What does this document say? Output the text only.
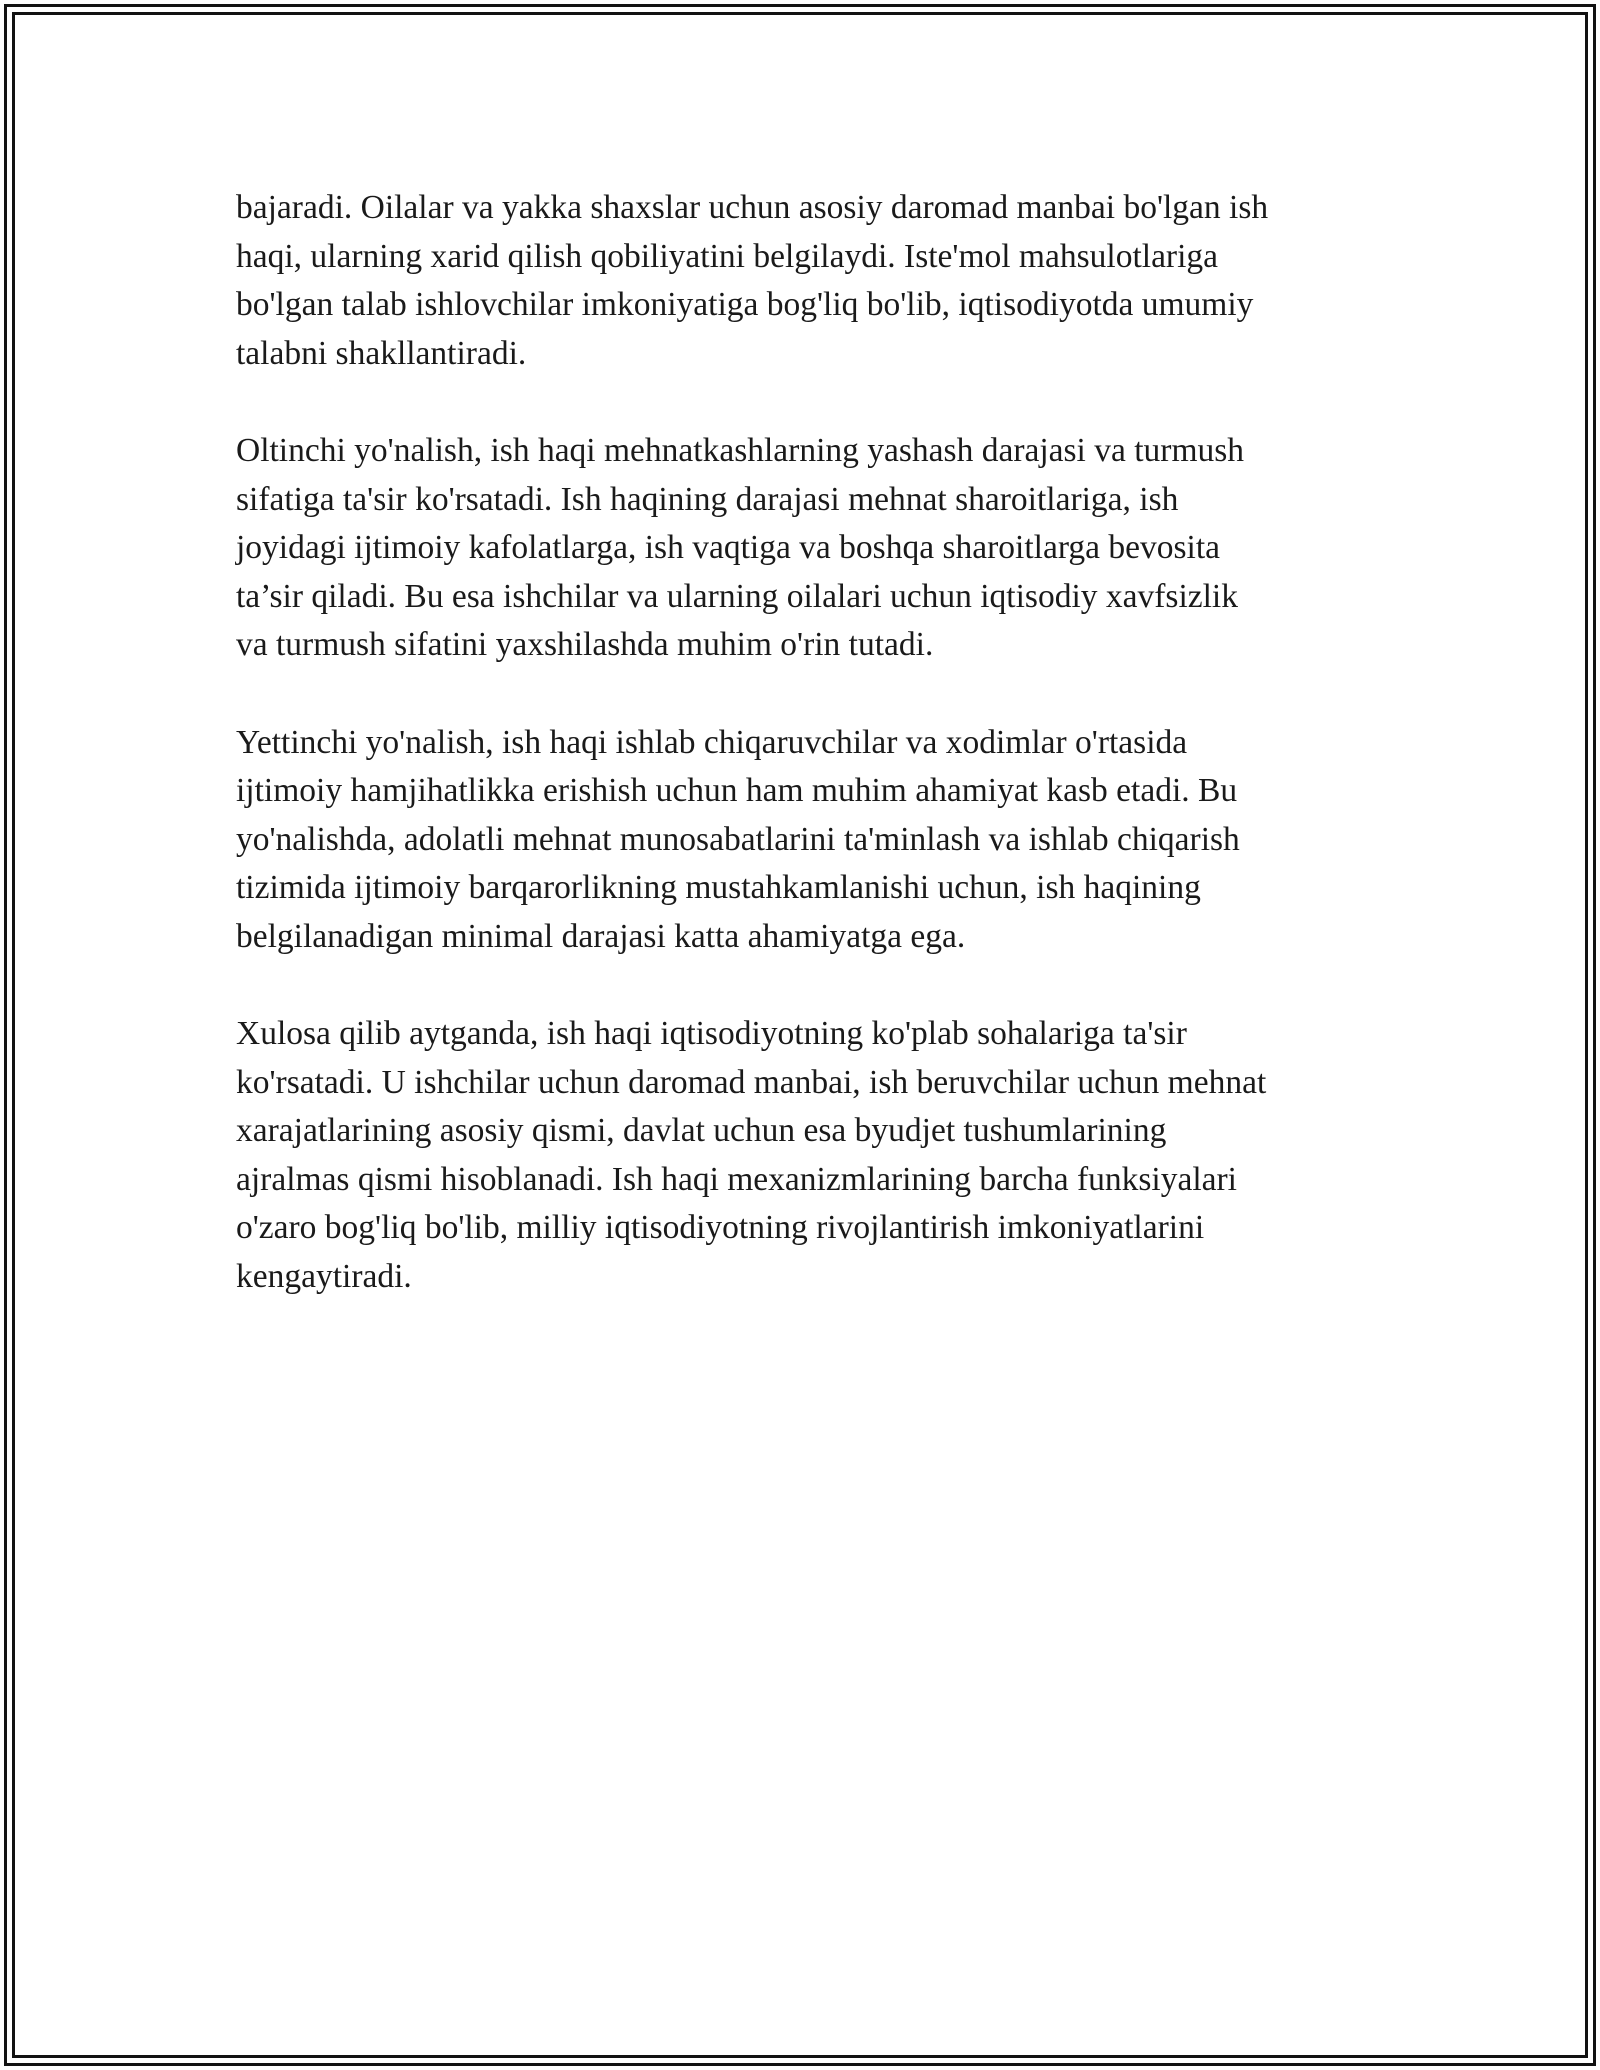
bajaradi. Oilalar va yakka shaxslar uchun asosiy daromad manbai bo'lgan ish
haqi, ularning xarid qilish qobiliyatini belgilaydi. Iste'mol mahsulotlariga
bo'lgan talab ishlovchilar imkoniyatiga bog'liq bo'lib, iqtisodiyotda umumiy
talabni shakllantiradi.

Oltinchi yo'nalish, ish haqi mehnatkashlarning yashash darajasi va turmush
sifatiga ta'sir ko'rsatadi. Ish haqining darajasi mehnat sharoitlariga, ish
joyidagi ijtimoiy kafolatlarga, ish vaqtiga va boshqa sharoitlarga bevosita
ta’sir qiladi. Bu esa ishchilar va ularning oilalari uchun iqtisodiy xavfsizlik
va turmush sifatini yaxshilashda muhim o'rin tutadi.

Yettinchi yo'nalish, ish haqi ishlab chiqaruvchilar va xodimlar o'rtasida
ijtimoiy hamjihatlikka erishish uchun ham muhim ahamiyat kasb etadi. Bu
yo'nalishda, adolatli mehnat munosabatlarini ta'minlash va ishlab chiqarish
tizimida ijtimoiy barqarorlikning mustahkamlanishi uchun, ish haqining
belgilanadigan minimal darajasi katta ahamiyatga ega.

Xulosa qilib aytganda, ish haqi iqtisodiyotning ko'plab sohalariga ta'sir
ko'rsatadi. U ishchilar uchun daromad manbai, ish beruvchilar uchun mehnat
xarajatlarining asosiy qismi, davlat uchun esa byudjet tushumlarining
ajralmas qismi hisoblanadi. Ish haqi mexanizmlarining barcha funksiyalari
o'zaro bog'liq bo'lib, milliy iqtisodiyotning rivojlantirish imkoniyatlarini
kengaytiradi.
